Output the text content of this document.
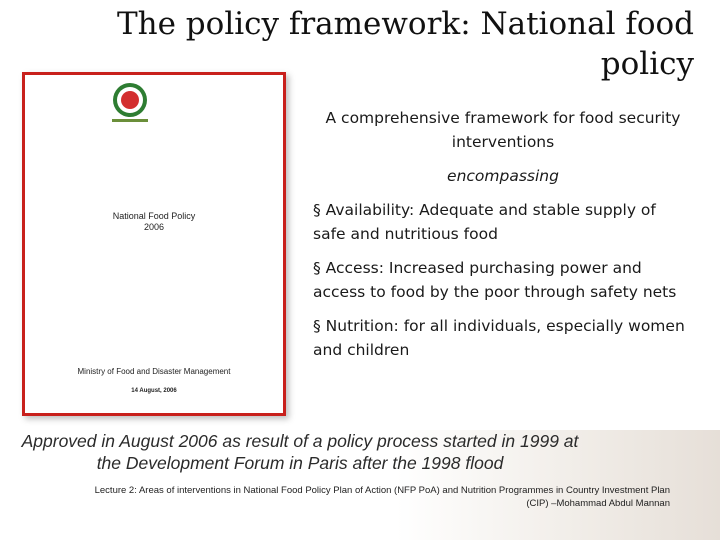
The policy framework: National food policy
National Food Policy
2006
Ministry of Food and Disaster Management
14 August, 2006

A comprehensive framework for food security interventions

encompassing

§ Availability: Adequate and stable supply of safe and nutritious food

§ Access: Increased purchasing power and access to food by the poor through safety nets

§ Nutrition: for all individuals, especially women and children

Approved in August 2006 as result of a policy process started in 1999 at the Development Forum in Paris after the 1998 flood
Lecture 2: Areas of interventions in National Food Policy Plan of Action (NFP PoA) and Nutrition Programmes in Country Investment Plan (CIP) –Mohammad Abdul Mannan
